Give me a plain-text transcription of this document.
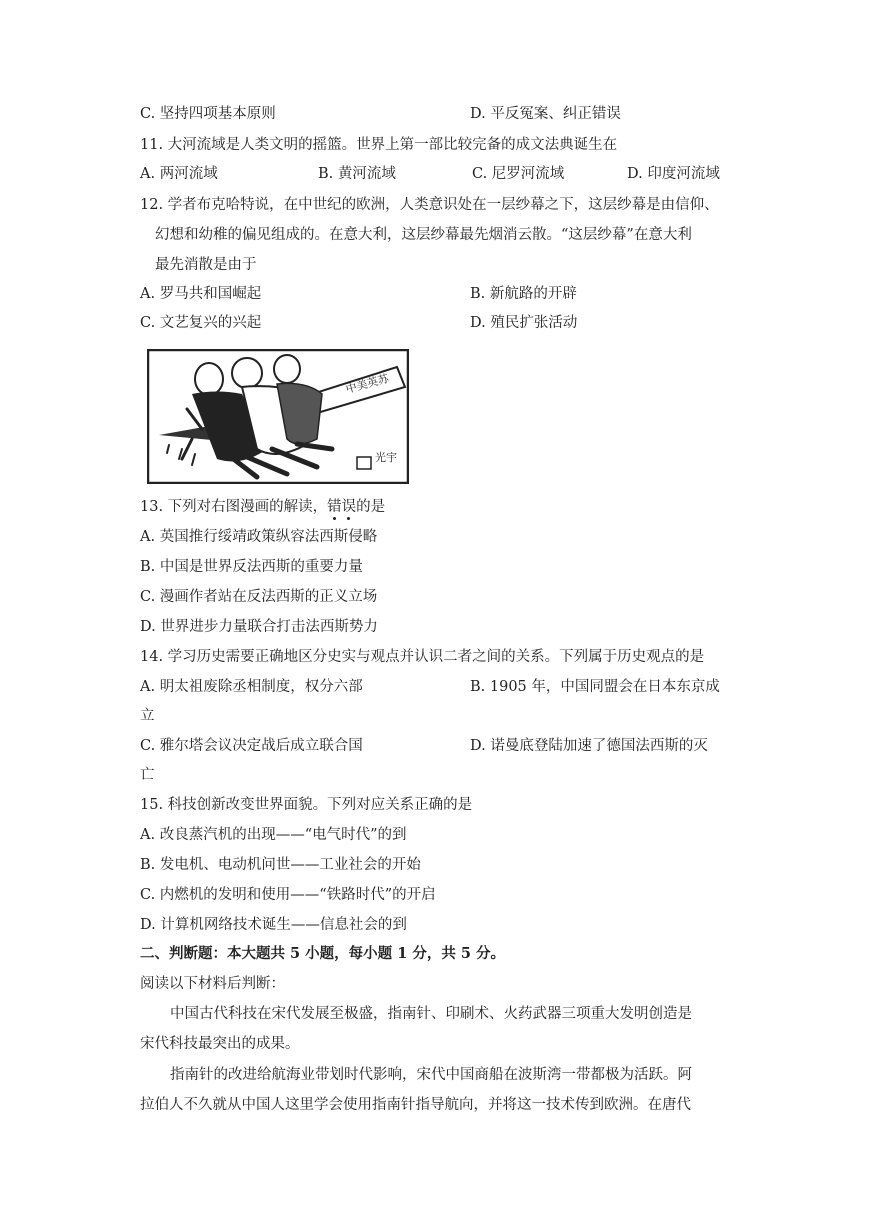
C. 坚持四项基本原则	D. 平反冤案、纠正错误
11. 大河流域是人类文明的摇篮。世界上第一部比较完备的成文法典诞生在
A. 两河流域	B. 黄河流域	C. 尼罗河流域	D. 印度河流域
12. 学者布克哈特说，在中世纪的欧洲，人类意识处在一层纱幕之下，这层纱幕是由信仰、
幻想和幼稚的偏见组成的。在意大利，这层纱幕最先烟消云散。“这层纱幕”在意大利
最先消散是由于
A. 罗马共和国崛起	B. 新航路的开辟
C. 文艺复兴的兴起	D. 殖民扩张活动
中美英苏
光宇
13. 下列对右图漫画的解读，错误的是
A. 英国推行绥靖政策纵容法西斯侵略
B. 中国是世界反法西斯的重要力量
C. 漫画作者站在反法西斯的正义立场
D. 世界进步力量联合打击法西斯势力
14. 学习历史需要正确地区分史实与观点并认识二者之间的关系。下列属于历史观点的是
A. 明太祖废除丞相制度，权分六部	B. 1905 年，中国同盟会在日本东京成
立
C. 雅尔塔会议决定战后成立联合国	D. 诺曼底登陆加速了德国法西斯的灭
亡
15. 科技创新改变世界面貌。下列对应关系正确的是
A. 改良蒸汽机的出现——“电气时代”的到
B. 发电机、电动机问世——工业社会的开始
C. 内燃机的发明和使用——“铁路时代”的开启
D. 计算机网络技术诞生——信息社会的到
二、判断题：本大题共 5 小题，每小题 1 分，共 5 分。
阅读以下材料后判断：
中国古代科技在宋代发展至极盛，指南针、印刷术、火药武器三项重大发明创造是
宋代科技最突出的成果。
指南针的改进给航海业带划时代影响，宋代中国商船在波斯湾一带都极为活跃。阿
拉伯人不久就从中国人这里学会使用指南针指导航向，并将这一技术传到欧洲。在唐代
